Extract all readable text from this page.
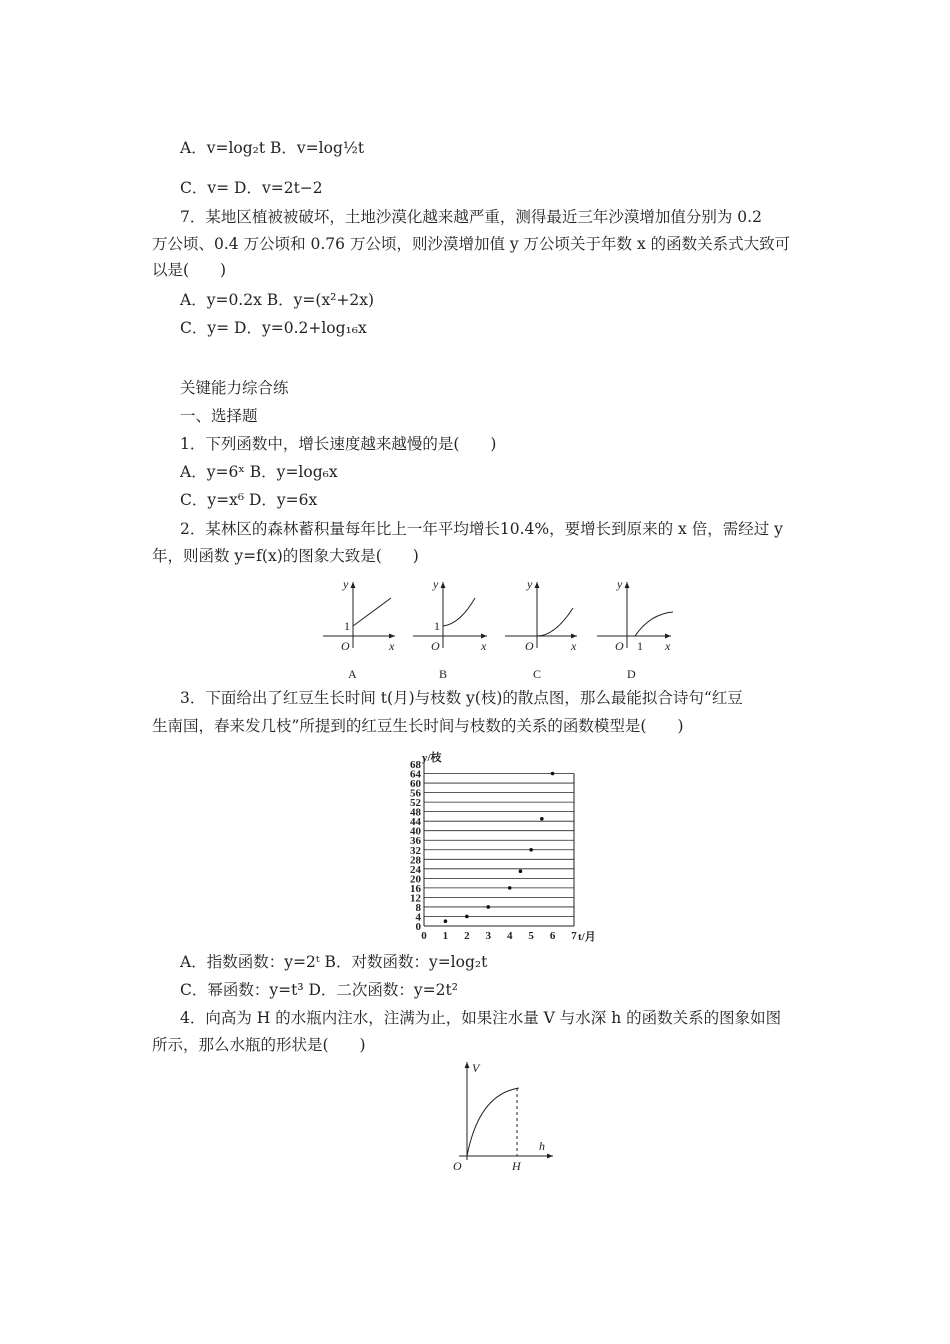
A．v=log₂t B．v=log½t
C．v= D．v=2t−2
7．某地区植被被破坏，土地沙漠化越来越严重，测得最近三年沙漠增加值分别为 0.2
万公顷、0.4 万公顷和 0.76 万公顷，则沙漠增加值 y 万公顷关于年数 x 的函数关系式大致可
以是(　　)
A．y=0.2x B．y=(x²+2x)
C．y= D．y=0.2+log₁₆x
关键能力综合练
一、选择题
1．下列函数中，增长速度越来越慢的是(　　)
A．y=6ˣ B．y=log₆x
C．y=x⁶ D．y=6x
2．某林区的森林蓄积量每年比上一年平均增长10.4%，要增长到原来的 x 倍，需经过 y
年，则函数 y=f(x)的图象大致是(　　)
y
x
O
1
A
y
x
O
1
B
y
x
O
C
y
x
O 1
D
3．下面给出了红豆生长时间 t(月)与枝数 y(枝)的散点图，那么最能拟合诗句“红豆
生南国，春来发几枝”所提到的红豆生长时间与枝数的关系的函数模型是(　　)
0
4
8
12
16
20
24
28
32
36
40
44
48
52
56
60
64
68
0 1 2 3 4 5 6 7
y/枝
t/月
A．指数函数：y=2ᵗ B．对数函数：y=log₂t
C．幂函数：y=t³ D．二次函数：y=2t²
4．向高为 H 的水瓶内注水，注满为止，如果注水量 V 与水深 h 的函数关系的图象如图
所示，那么水瓶的形状是(　　)
V
h
O	H
